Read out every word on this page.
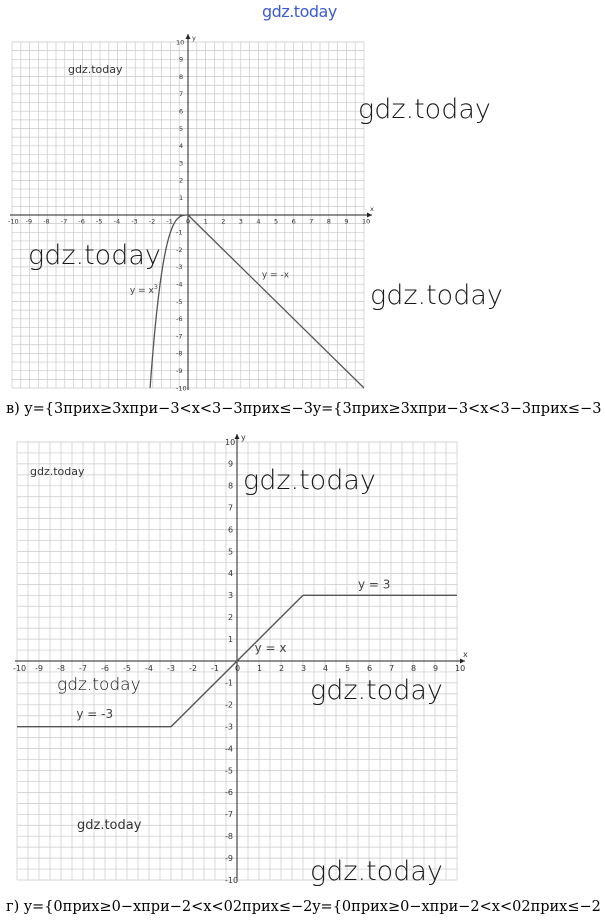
gdz.today
x
y
-10 -9 -8 -7 -6 -5 -4 -3 -2 -1 0 1 2 3 4 5 6 7 8 9 10
10
9
8
7
6
5
4
3
2
1
-1
-2
-3
-4
-5
-6
-7
-8
-9
-10
$y = x^3$
y = -x
gdz.today
gdz.today
gdz.today
gdz.today
в) y={3прих≥3хпри−3<x<3−3прих≤−3y={3прих≥3хпри−3<x<3−3прих≤−3
x
y
-10 -9 -8 -7 -6 -5 -4 -3 -2 -1 0 1 2 3 4 5 6 7 8 9 10
10
9
8
7
6
5
4
3
2
1
-1
-2
-3
-4
-5
-6
-7
-8
-9
-10
y = 3
y = x
y = -3
gdz.today	gdz.today
gdz.today
gdz.today
gdz.today
gdz.today
г) y={0прих≥0−хпри−2<x<02прих≤−2y={0прих≥0−хпри−2<x<02прих≤−2
